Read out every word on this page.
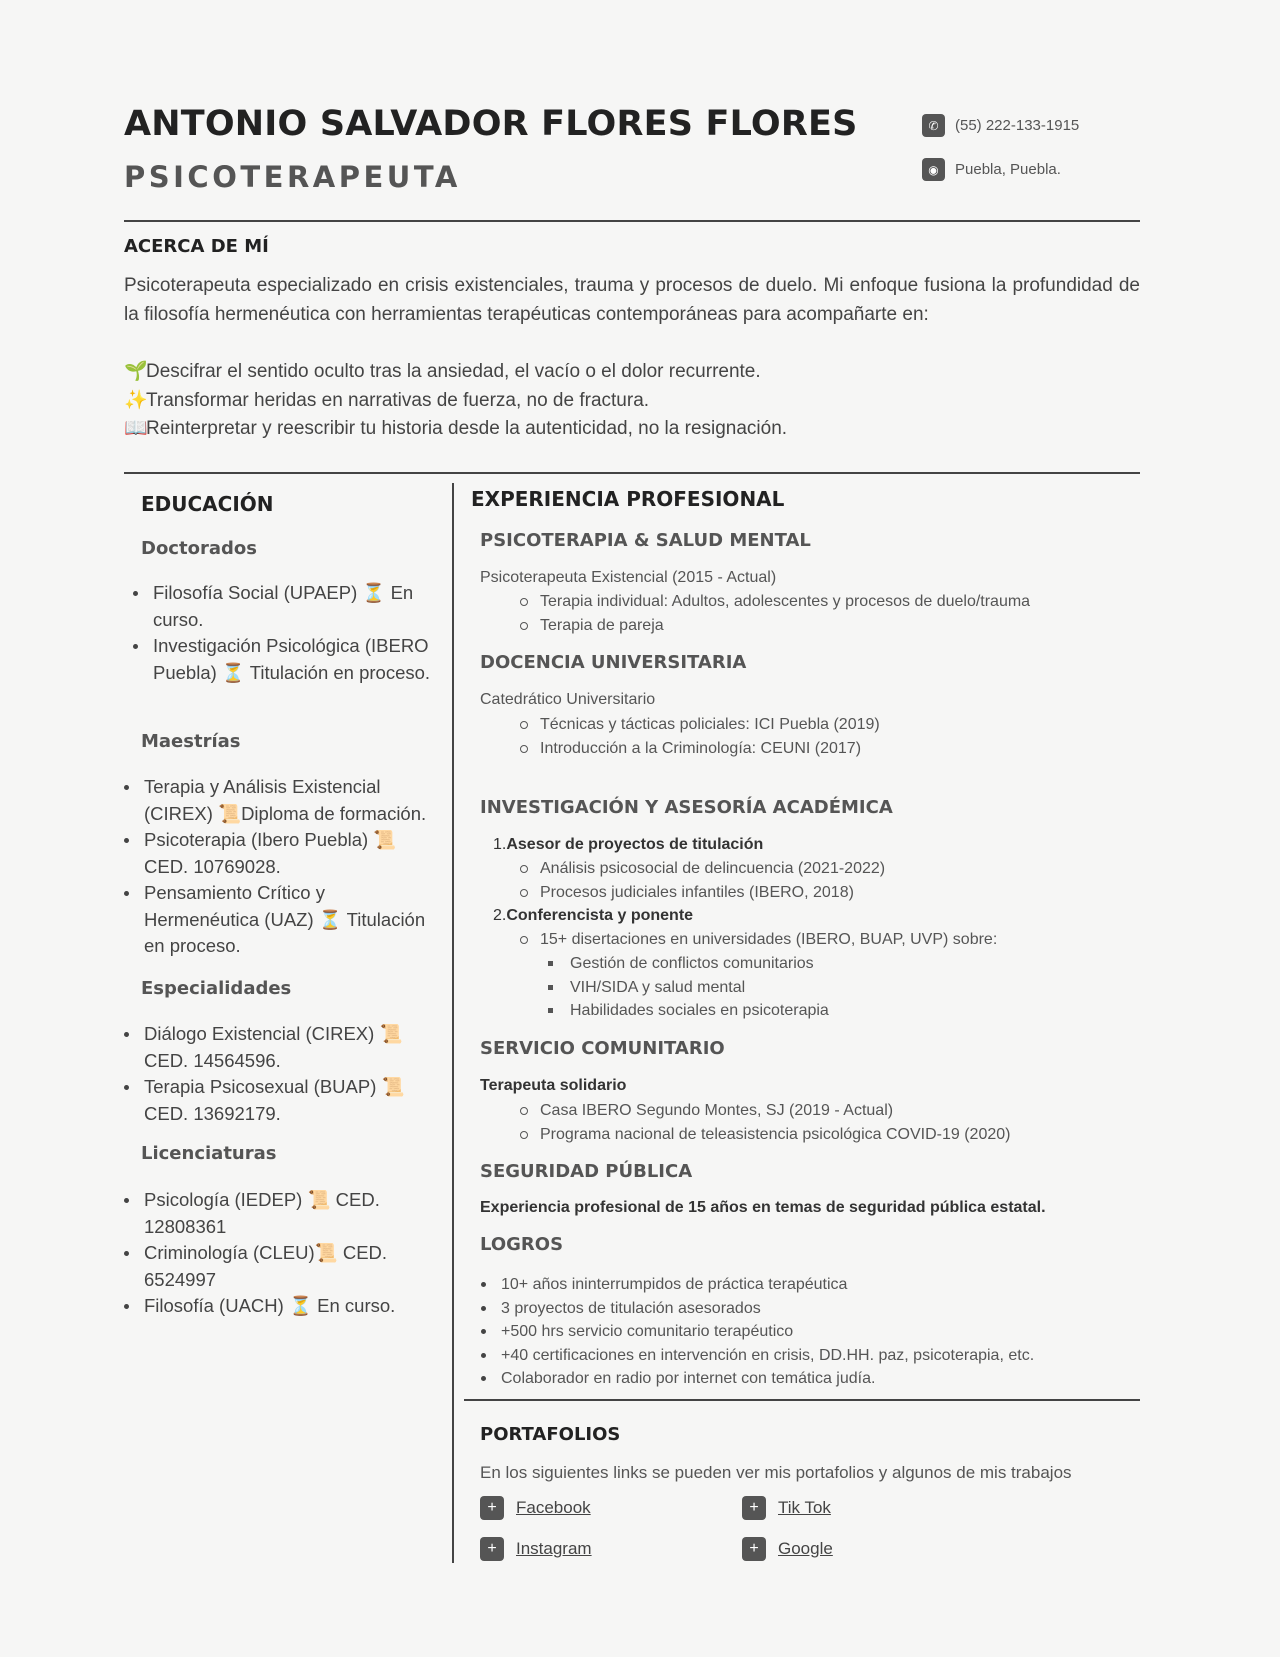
ANTONIO SALVADOR FLORES FLORES
PSICOTERAPEUTA
✆	(55) 222-133-1915
◉	Puebla, Puebla.
ACERCA DE MÍ
Psicoterapeuta especializado en crisis existenciales, trauma y procesos de duelo. Mi enfoque fusiona la profundidad de la filosofía hermenéutica con herramientas terapéuticas contemporáneas para acompañarte en:
🌱Descifrar el sentido oculto tras la ansiedad, el vacío o el dolor recurrente.
✨Transformar heridas en narrativas de fuerza, no de fractura.
📖Reinterpretar y reescribir tu historia desde la autenticidad, no la resignación.
EDUCACIÓN
Doctorados
Filosofía Social (UPAEP) ⏳ En curso.
Investigación Psicológica (IBERO Puebla) ⏳ Titulación en proceso.
Maestrías
Terapia y Análisis Existencial (CIREX) 📜Diploma de formación.
Psicoterapia (Ibero Puebla) 📜 CED. 10769028.
Pensamiento Crítico y Hermenéutica (UAZ) ⏳ Titulación en proceso.
Especialidades
Diálogo Existencial (CIREX) 📜 CED. 14564596.
Terapia Psicosexual (BUAP) 📜 CED. 13692179.
Licenciaturas
Psicología (IEDEP) 📜 CED. 12808361
Criminología (CLEU)📜 CED. 6524997
Filosofía (UACH) ⏳ En curso.
EXPERIENCIA PROFESIONAL
PSICOTERAPIA & SALUD MENTAL
Psicoterapeuta Existencial (2015 - Actual)
Terapia individual: Adultos, adolescentes y procesos de duelo/trauma
Terapia de pareja
DOCENCIA UNIVERSITARIA
Catedrático Universitario
Técnicas y tácticas policiales: ICI Puebla (2019)
Introducción a la Criminología: CEUNI (2017)
INVESTIGACIÓN Y ASESORÍA ACADÉMICA
1.Asesor de proyectos de titulación
Análisis psicosocial de delincuencia (2021-2022)
Procesos judiciales infantiles (IBERO, 2018)
2.Conferencista y ponente
15+ disertaciones en universidades (IBERO, BUAP, UVP) sobre:
Gestión de conflictos comunitarios
VIH/SIDA y salud mental
Habilidades sociales en psicoterapia
SERVICIO COMUNITARIO
Terapeuta solidario
Casa IBERO Segundo Montes, SJ (2019 - Actual)
Programa nacional de teleasistencia psicológica COVID-19 (2020)
SEGURIDAD PÚBLICA
Experiencia profesional de 15 años en temas de seguridad pública estatal.
LOGROS
10+ años ininterrumpidos de práctica terapéutica
3 proyectos de titulación asesorados
+500 hrs servicio comunitario terapéutico
+40 certificaciones en intervención en crisis, DD.HH. paz, psicoterapia, etc.
Colaborador en radio por internet con temática judía.
PORTAFOLIOS
En los siguientes links se pueden ver mis portafolios y algunos de mis trabajos
+	Facebook	+	Tik Tok
+	Instagram	+	Google
